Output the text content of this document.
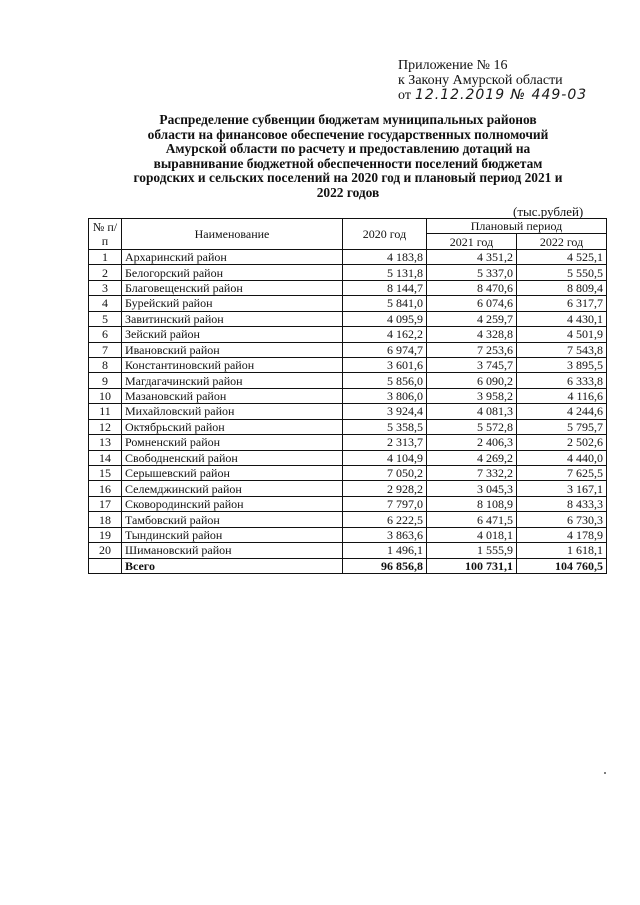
Приложение № 16
к Закону Амурской области
от 12.12.2019 № 449-03
Распределение субвенции бюджетам муниципальных районов
области на финансовое обеспечение государственных полномочий
Амурской области по расчету и предоставлению дотаций на
выравнивание бюджетной обеспеченности поселений бюджетам
городских и сельских поселений на 2020 год и плановый период 2021 и
2022 годов
(тыс.рублей)
№ п/п	Наименование	2020 год	Плановый период	
			2021 год	2022 год
1	Архаринский район	4 183,8	4 351,2	4 525,1
2	Белогорский район	5 131,8	5 337,0	5 550,5
3	Благовещенский район	8 144,7	8 470,6	8 809,4
4	Бурейский район	5 841,0	6 074,6	6 317,7
5	Завитинский район	4 095,9	4 259,7	4 430,1
6	Зейский район	4 162,2	4 328,8	4 501,9
7	Ивановский район	6 974,7	7 253,6	7 543,8
8	Константиновский район	3 601,6	3 745,7	3 895,5
9	Магдагачинский район	5 856,0	6 090,2	6 333,8
10	Мазановский район	3 806,0	3 958,2	4 116,6
11	Михайловский район	3 924,4	4 081,3	4 244,6
12	Октябрьский район	5 358,5	5 572,8	5 795,7
13	Ромненский район	2 313,7	2 406,3	2 502,6
14	Свободненский район	4 104,9	4 269,2	4 440,0
15	Серышевский район	7 050,2	7 332,2	7 625,5
16	Селемджинский район	2 928,2	3 045,3	3 167,1
17	Сковородинский район	7 797,0	8 108,9	8 433,3
18	Тамбовский район	6 222,5	6 471,5	6 730,3
19	Тындинский район	3 863,6	4 018,1	4 178,9
20	Шимановский район	1 496,1	1 555,9	1 618,1
	Всего	96 856,8	100 731,1	104 760,5
